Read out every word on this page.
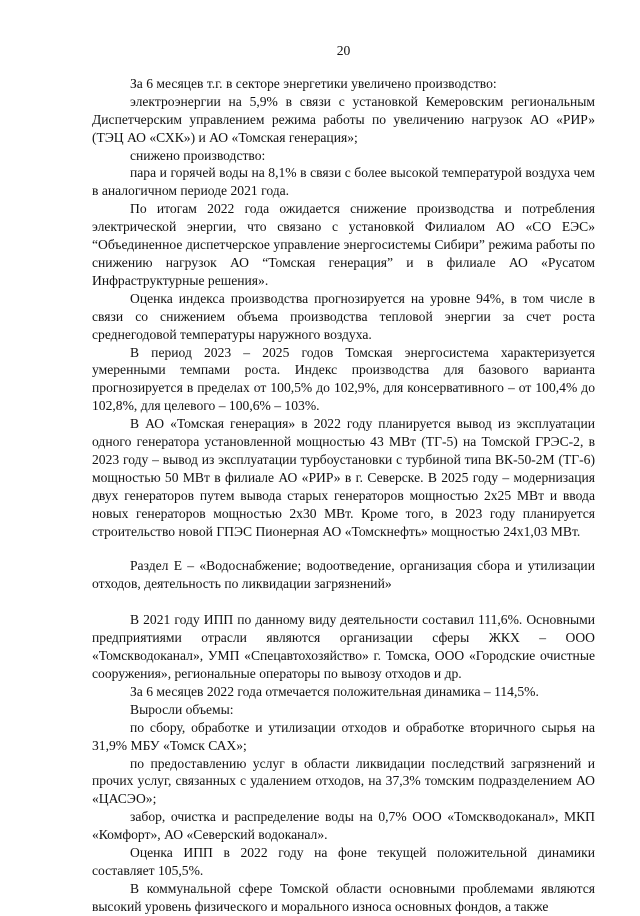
20

За 6 месяцев т.г. в секторе энергетики увеличено производство:

электроэнергии на 5,9% в связи с установкой Кемеровским региональным Диспетчерским управлением режима работы по увеличению нагрузок АО «РИР» (ТЭЦ АО «СХК») и АО «Томская генерация»;

снижено производство:

пара и горячей воды на 8,1% в связи с более высокой температурой воздуха чем в аналогичном периоде 2021 года.

По итогам 2022 года ожидается снижение производства и потребления электрической энергии, что связано с установкой Филиалом АО «СО ЕЭС» “Объединенное диспетчерское управление энергосистемы Сибири” режима работы по снижению нагрузок АО “Томская генерация” и в филиале АО «Русатом Инфраструктурные решения».

Оценка индекса производства прогнозируется на уровне 94%, в том числе в связи со снижением объема производства тепловой энергии за счет роста среднегодовой температуры наружного воздуха.

В период 2023 – 2025 годов Томская энергосистема характеризуется умеренными темпами роста. Индекс производства для базового варианта прогнозируется в пределах от 100,5% до 102,9%, для консервативного – от 100,4% до 102,8%, для целевого – 100,6% – 103%.

В АО «Томская генерация» в 2022 году планируется вывод из эксплуатации одного генератора установленной мощностью 43 МВт (ТГ-5) на Томской ГРЭС-2, в 2023 году – вывод из эксплуатации турбоустановки с турбиной типа ВК-50-2М (ТГ-6) мощностью 50 МВт в филиале АО «РИР» в г. Северске. В 2025 году – модернизация двух генераторов путем вывода старых генераторов мощностью 2х25 МВт и ввода новых генераторов мощностью 2х30 МВт. Кроме того, в 2023 году планируется строительство новой ГПЭС Пионерная АО «Томскнефть» мощностью 24х1,03 МВт.

Раздел Е – «Водоснабжение; водоотведение, организация сбора и утилизации отходов, деятельность по ликвидации загрязнений»

В 2021 году ИПП по данному виду деятельности составил 111,6%. Основными предприятиями отрасли являются организации сферы ЖКХ – ООО «Томскводоканал», УМП «Спецавтохозяйство» г. Томска, ООО «Городские очистные сооружения», региональные операторы по вывозу отходов и др.

За 6 месяцев 2022 года отмечается положительная динамика – 114,5%.

Выросли объемы:

по сбору, обработке и утилизации отходов и обработке вторичного сырья на 31,9% МБУ «Томск САХ»;

по предоставлению услуг в области ликвидации последствий загрязнений и прочих услуг, связанных с удалением отходов, на 37,3% томским подразделением АО «ЦАСЭО»;

забор, очистка и распределение воды на 0,7% ООО «Томскводоканал», МКП «Комфорт», АО «Северский водоканал».

Оценка ИПП в 2022 году на фоне текущей положительной динамики составляет 105,5%.

В коммунальной сфере Томской области основными проблемами являются высокий уровень физического и морального износа основных фондов, а также
